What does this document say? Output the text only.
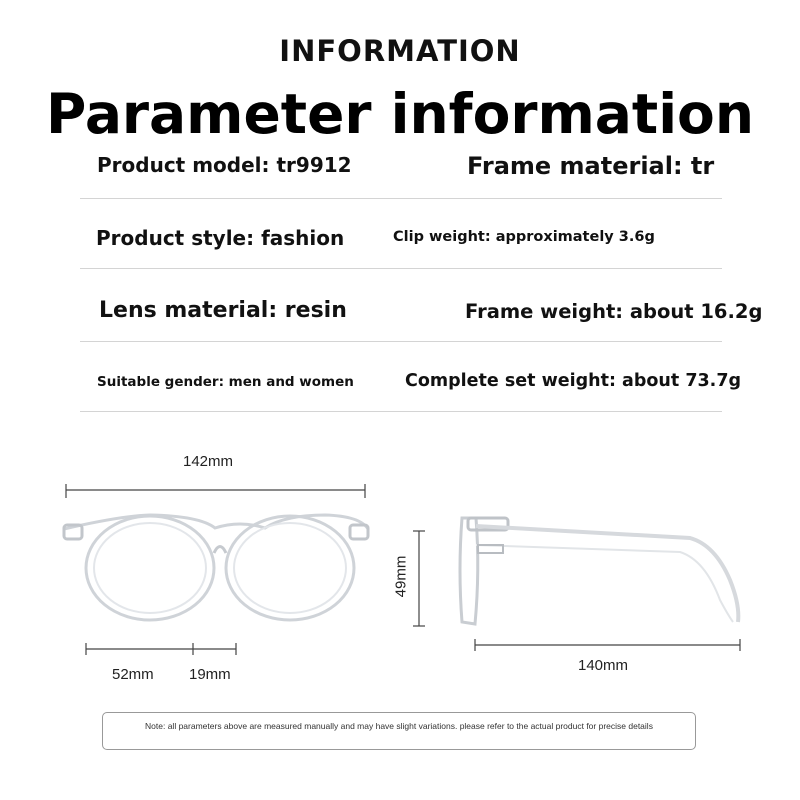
INFORMATION
Parameter information
Product model: tr9912	Frame material: tr
Product style: fashion	Clip weight: approximately 3.6g
Lens material: resin	Frame weight: about 16.2g
Suitable gender: men and women	Complete set weight: about 73.7g
142mm
52mm 19mm
49mm
140mm
Note: all parameters above are measured manually and may have slight variations. please refer to the actual product for precise details
